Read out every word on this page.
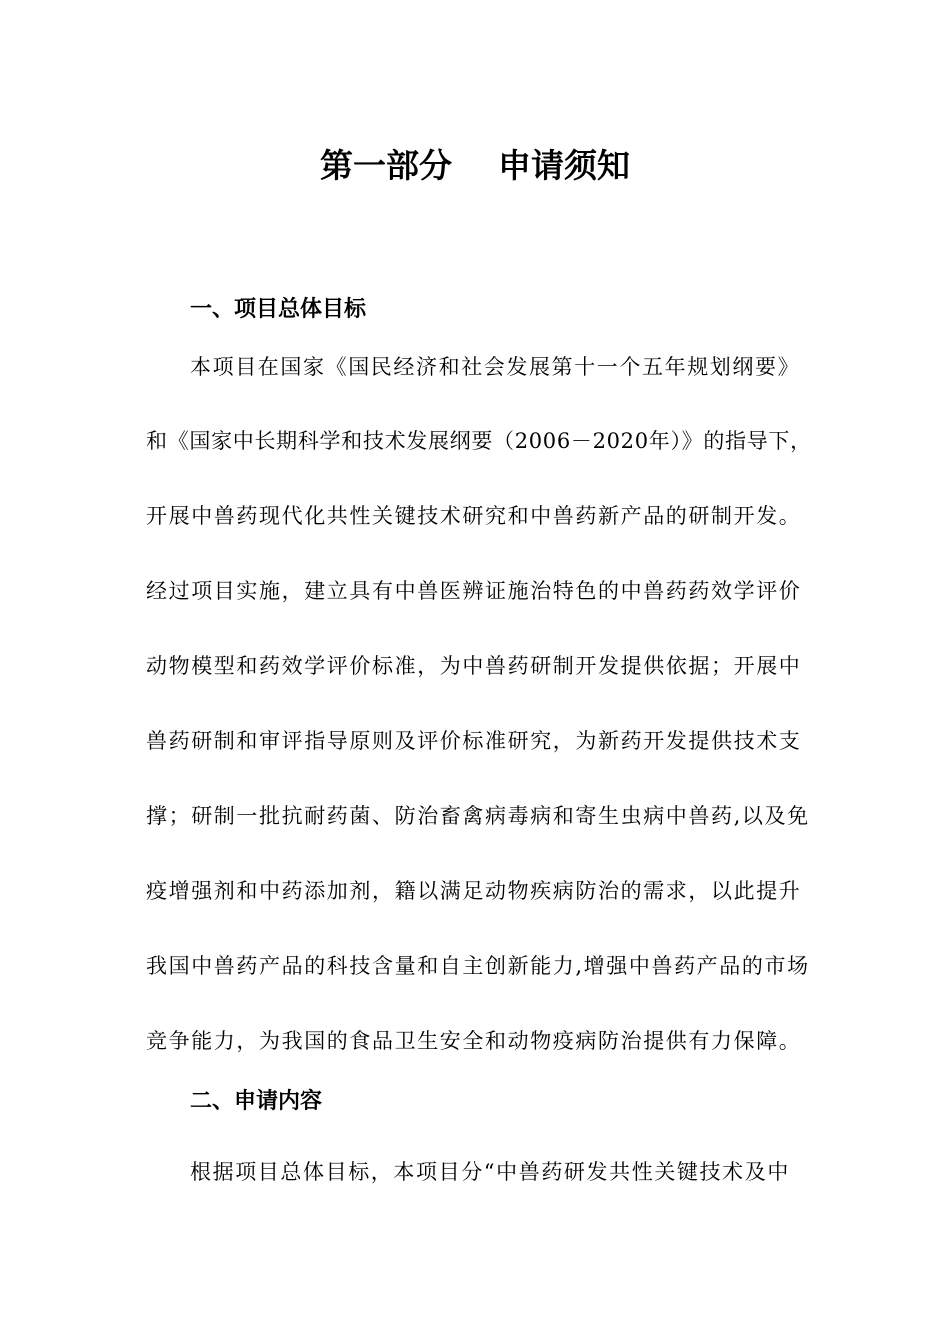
第一部分    申请须知
一、项目总体目标
本项目在国家《国民经济和社会发展第十一个五年规划纲要》
和《国家中长期科学和技术发展纲要（2006－2020年）》的指导下，
开展中兽药现代化共性关键技术研究和中兽药新产品的研制开发。
经过项目实施，建立具有中兽医辨证施治特色的中兽药药效学评价
动物模型和药效学评价标准，为中兽药研制开发提供依据；开展中
兽药研制和审评指导原则及评价标准研究，为新药开发提供技术支
撑；研制一批抗耐药菌、防治畜禽病毒病和寄生虫病中兽药,以及免
疫增强剂和中药添加剂，籍以满足动物疾病防治的需求，以此提升
我国中兽药产品的科技含量和自主创新能力,增强中兽药产品的市场
竞争能力，为我国的食品卫生安全和动物疫病防治提供有力保障。
二、申请内容
根据项目总体目标，本项目分“中兽药研发共性关键技术及中
